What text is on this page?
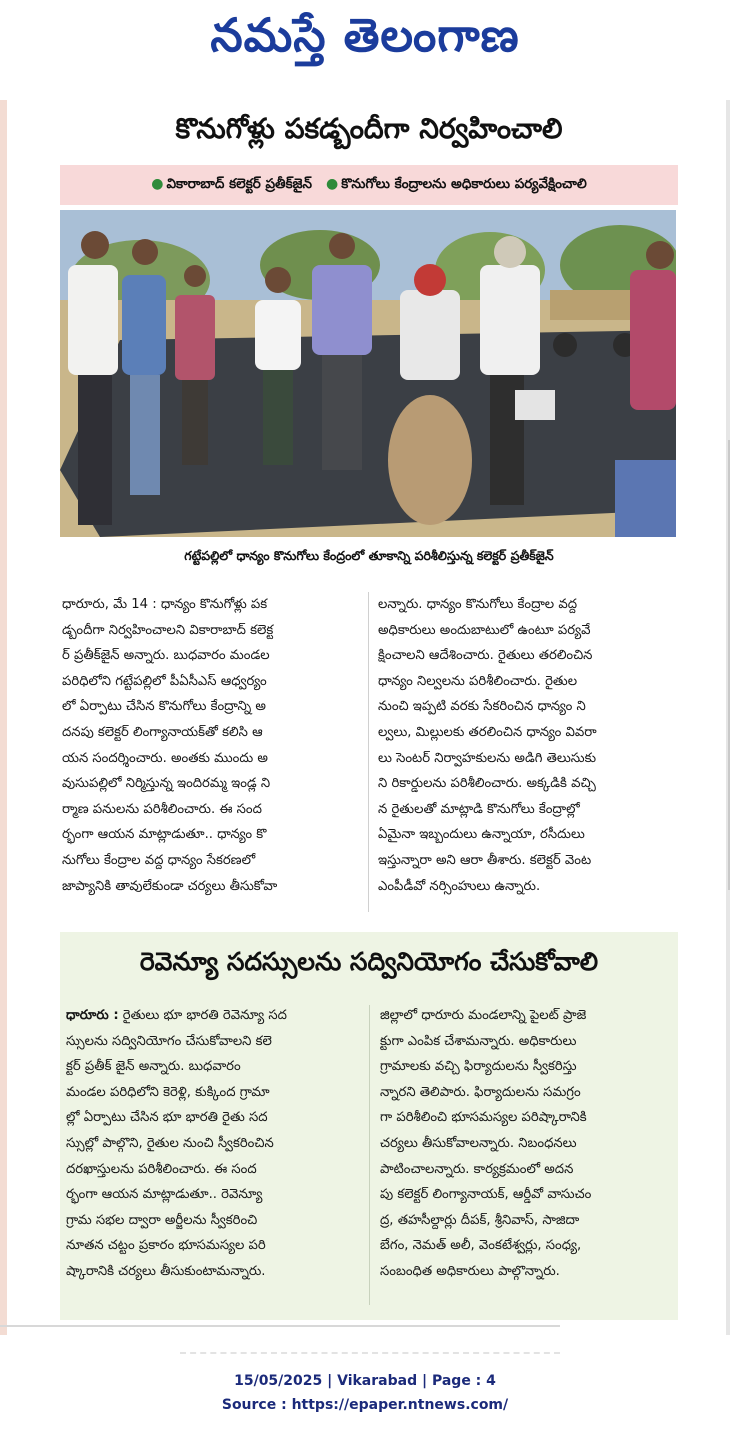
నమస్తే తెలంగాణ
కొనుగోళ్లు పకడ్బందీగా నిర్వహించాలి
● వికారాబాద్ కలెక్టర్ ప్రతీక్‌జైన్ ● కొనుగోలు కేంద్రాలను అధికారులు పర్యవేక్షించాలి
గట్టేపల్లిలో ధాన్యం కొనుగోలు కేంద్రంలో తూకాన్ని పరిశీలిస్తున్న కలెక్టర్ ప్రతీక్‌జైన్
ధారూరు, మే 14 : ధాన్యం కొనుగోళ్లు పక
డ్బందీగా నిర్వహించాలని వికారాబాద్ కలెక్ట
ర్ ప్రతీక్‌జైన్ అన్నారు. బుధవారం మండల
పరిధిలోని గట్టేపల్లిలో పీఏసీఎస్ ఆధ్వర్యం
లో ఏర్పాటు చేసిన కొనుగోలు కేంద్రాన్ని అ
దనపు కలెక్టర్ లింగ్యానాయక్‌తో కలిసి ఆ
యన సందర్శించారు. అంతకు ముందు అ
వుసుపల్లిలో నిర్మిస్తున్న ఇందిరమ్మ ఇండ్ల ని
ర్మాణ పనులను పరిశీలించారు. ఈ సంద
ర్భంగా ఆయన మాట్లాడుతూ.. ధాన్యం కొ
నుగోలు కేంద్రాల వద్ద ధాన్యం సేకరణలో
జాప్యానికి తావులేకుండా చర్యలు తీసుకోవా
లన్నారు. ధాన్యం కొనుగోలు కేంద్రాల వద్ద
అధికారులు అందుబాటులో ఉంటూ పర్యవే
క్షించాలని ఆదేశించారు. రైతులు తరలించిన
ధాన్యం నిల్వలను పరిశీలించారు. రైతుల
నుంచి ఇప్పటి వరకు సేకరించిన ధాన్యం ని
ల్వలు, మిల్లులకు తరలించిన ధాన్యం వివరా
లు సెంటర్ నిర్వాహకులను అడిగి తెలుసుకు
ని రికార్డులను పరిశీలించారు. అక్కడికి వచ్చి
న రైతులతో మాట్లాడి కొనుగోలు కేంద్రాల్లో
ఏమైనా ఇబ్బందులు ఉన్నాయా, రసీదులు
ఇస్తున్నారా అని ఆరా తీశారు. కలెక్టర్ వెంట
ఎంపీడీవో నర్సింహులు ఉన్నారు.
రెవెన్యూ సదస్సులను సద్వినియోగం చేసుకోవాలి
ధారూరు : రైతులు భూ భారతి రెవెన్యూ సద
స్సులను సద్వినియోగం చేసుకోవాలని కలె
క్టర్ ప్రతీక్ జైన్ అన్నారు. బుధవారం
మండల పరిధిలోని కెరెళ్లి, కుక్కింద గ్రామా
ల్లో ఏర్పాటు చేసిన భూ భారతి రైతు సద
స్సుల్లో పాల్గొని, రైతుల నుంచి స్వీకరించిన
దరఖాస్తులను పరిశీలించారు. ఈ సంద
ర్భంగా ఆయన మాట్లాడుతూ.. రెవెన్యూ
గ్రామ సభల ద్వారా అర్జీలను స్వీకరించి
నూతన చట్టం ప్రకారం భూసమస్యల పరి
ష్కారానికి చర్యలు తీసుకుంటామన్నారు.
జిల్లాలో ధారూరు మండలాన్ని పైలట్ ప్రాజె
క్టుగా ఎంపిక చేశామన్నారు. అధికారులు
గ్రామాలకు వచ్చి ఫిర్యాదులను స్వీకరిస్తు
న్నారని తెలిపారు. ఫిర్యాదులను సమగ్రం
గా పరిశీలించి భూసమస్యల పరిష్కారానికి
చర్యలు తీసుకోవాలన్నారు. నిబంధనలు
పాటించాలన్నారు. కార్యక్రమంలో అదన
పు కలెక్టర్ లింగ్యానాయక్, ఆర్డీవో వాసుచం
ద్ర, తహసీల్దార్లు దీపక్, శ్రీనివాస్, సాజిదా
బేగం, నెమత్ అలీ, వెంకటేశ్వర్లు, సంధ్య,
సంబంధిత అధికారులు పాల్గొన్నారు.
15/05/2025 | Vikarabad | Page : 4
Source : https://epaper.ntnews.com/
